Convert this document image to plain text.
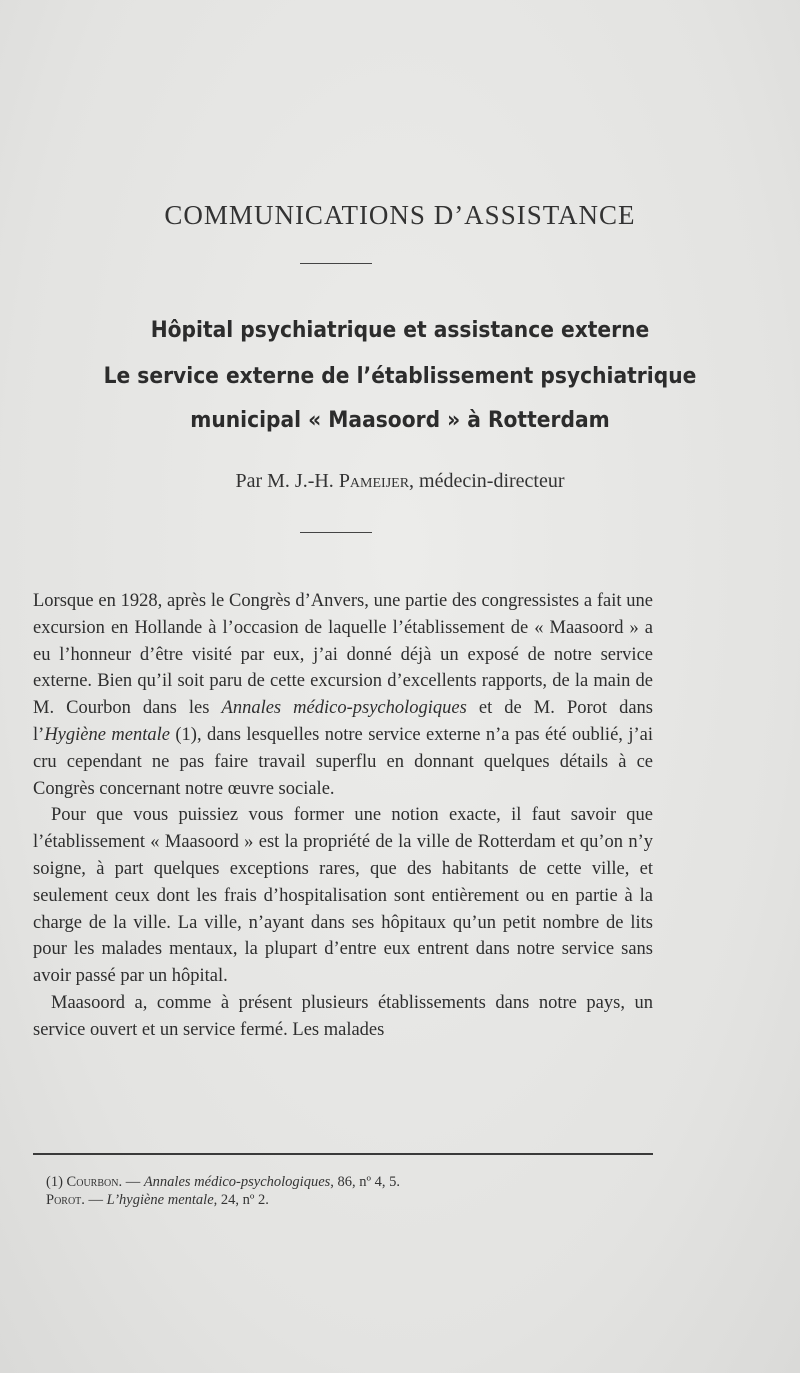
COMMUNICATIONS D’ASSISTANCE
Hôpital psychiatrique et assistance externe
Le service externe de l’établissement psychiatrique
municipal « Maasoord » à Rotterdam
Par M. J.-H. Pameijer, médecin-directeur

Lorsque en 1928, après le Congrès d’Anvers, une partie des congressistes a fait une excursion en Hollande à l’occasion de laquelle l’établissement de « Maasoord » a eu l’honneur d’être visité par eux, j’ai donné déjà un exposé de notre service externe. Bien qu’il soit paru de cette excursion d’excellents rapports, de la main de M. Courbon dans les Annales médico-psychologiques et de M. Porot dans l’Hygiène mentale (1), dans lesquelles notre service externe n’a pas été oublié, j’ai cru cependant ne pas faire travail superflu en donnant quelques détails à ce Congrès concernant notre œuvre sociale.

Pour que vous puissiez vous former une notion exacte, il faut savoir que l’établissement « Maasoord » est la propriété de la ville de Rotterdam et qu’on n’y soigne, à part quelques exceptions rares, que des habitants de cette ville, et seulement ceux dont les frais d’hospitalisation sont entièrement ou en partie à la charge de la ville. La ville, n’ayant dans ses hôpitaux qu’un petit nombre de lits pour les malades mentaux, la plupart d’entre eux entrent dans notre service sans avoir passé par un hôpital.

Maasoord a, comme à présent plusieurs établissements dans notre pays, un service ouvert et un service fermé. Les malades

(1) Courbon. — Annales médico-psychologiques, 86, nº 4, 5.
Porot. — L’hygiène mentale, 24, nº 2.
